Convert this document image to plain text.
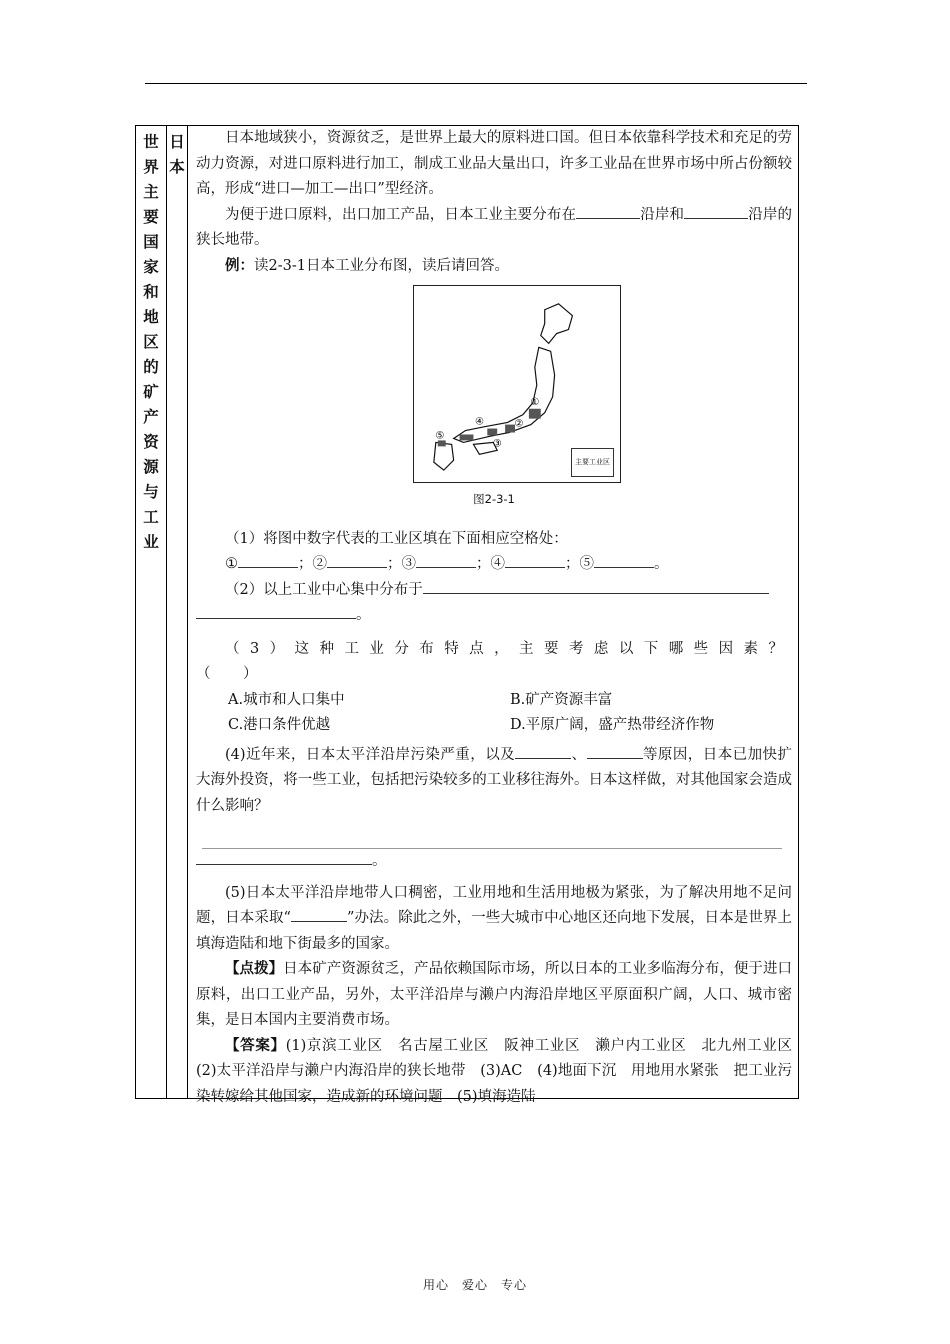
世
界
主
要
国
家
和
地
区
的
矿
产
资
源
与
工
业
日
本

日本地域狭小，资源贫乏，是世界上最大的原料进口国。但日本依靠科学技术和充足的劳动力资源，对进口原料进行加工，制成工业品大量出口，许多工业品在世界市场中所占份额较高，形成“进口—加工—出口”型经济。

为便于进口原料，出口加工产品，日本工业主要分布在	沿岸和	沿岸的狭长地带。

例：读2-3-1日本工业分布图，读后请回答。

①
②
③
④
⑤
主要工业区
图2-3-1

（1）将图中数字代表的工业区填在下面相应空格处：

①	；②	；③	；④	；⑤	。

（2）以上工业中心集中分布于

。

（3）这种工业分布特点，主要考虑以下哪些因素？（　）

A.城市和人口集中	B.矿产资源丰富
C.港口条件优越	D.平原广阔，盛产热带经济作物

(4)近年来，日本太平洋沿岸污染严重，以及	、	等原因，日本已加快扩大海外投资，将一些工业，包括把污染较多的工业移往海外。日本这样做，对其他国家会造成什么影响？

。

(5)日本太平洋沿岸地带人口稠密，工业用地和生活用地极为紧张，为了解决用地不足问题，日本采取“	”办法。除此之外，一些大城市中心地区还向地下发展，日本是世界上填海造陆和地下街最多的国家。

【点拨】日本矿产资源贫乏，产品依赖国际市场，所以日本的工业多临海分布，便于进口原料，出口工业产品，另外，太平洋沿岸与濑户内海沿岸地区平原面积广阔，人口、城市密集，是日本国内主要消费市场。

【答案】(1)京滨工业区　名古屋工业区　阪神工业区　濑户内工业区　北九州工业区　(2)太平洋沿岸与濑户内海沿岸的狭长地带　(3)AC　(4)地面下沉　用地用水紧张　把工业污染转嫁给其他国家，造成新的环境问题　(5)填海造陆

用心　爱心　专心
